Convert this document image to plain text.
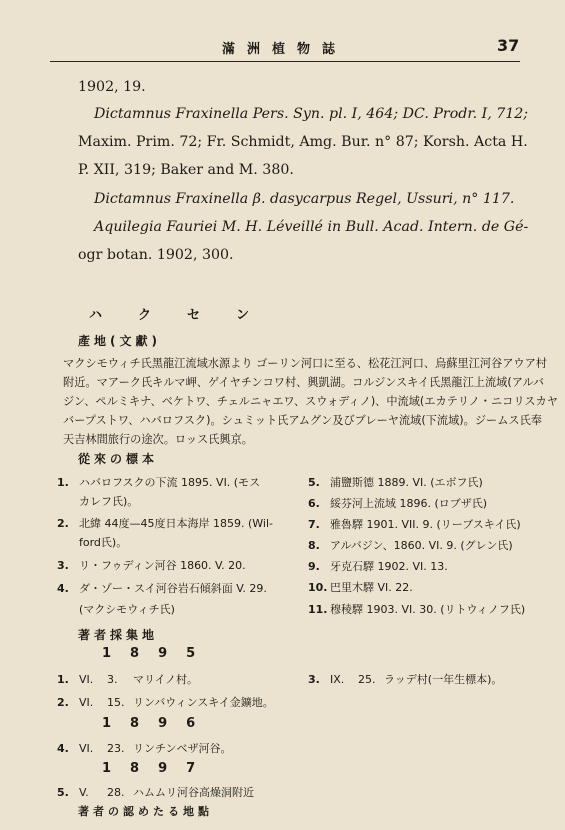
滿洲植物誌	37
1902, 19.
Dictamnus Fraxinella Pers. Syn. pl. I, 464; DC. Prodr. I, 712;
Maxim. Prim. 72; Fr. Schmidt, Amg. Bur. n° 87; Korsh. Acta H.
P. XII, 319; Baker and M. 380.
Dictamnus Fraxinella β. dasycarpus Regel, Ussuri, n° 117.
Aquilegia Fauriei M. H. Léveillé in Bull. Acad. Intern. de Gé-
ogr botan. 1902, 300.
ハクセン
產地(文獻)
マクシモウィチ氏黑龍江流域水源より ゴーリン河口に至る、松花江河口、烏蘇里江河谷アウア村
附近。マアーク氏キルマ岬、ゲイヤチンコワ村、興凱湖。コルジンスキイ氏黑龍江上流域(アルバ
ジン、ペルミキナ、ベケトワ、チェルニャエワ、スウォディノ)、中流域(エカテリノ・ニコリスカヤ
バープストワ、ハバロフスク)。シュミット氏アムグン及びブレーヤ流域(下流域)。ジームス氏奉
天吉林間旅行の途次。ロッス氏興京。
從來の標本
1. ハバロフスクの下流 1895. VI. (モス
カレフ氏)。
2. 北緯 44度—45度日本海岸 1859. (Wil-
ford氏)。
3. リ・フゥディン河谷 1860. V. 20.
4. ダ・ゾー・スイ河谷岩石傾斜面 V. 29.
(マクシモウィチ氏)
5. 浦鹽斯德 1889. VI. (エボフ氏)
6. 綏芬河上流域 1896. (ロブザ氏)
7. 雅魯驛 1901. VII. 9. (リーブスキイ氏)
8. アルバジン、1860. VI. 9. (グレン氏)
9. 牙克石驛 1902. VI. 13.
10. 巴里木驛 VI. 22.
11. 穆稜驛 1903. VI. 30. (リトウィノフ氏)
著者採集地
1895
1. VI. 3. マリイノ村。
2. VI. 15. リンバウィンスキイ金鑛地。
3. IX. 25. ラッデ村(一年生標本)。
1896
4. VI. 23. リンチンベザ河谷。
1897
5. V. 28. ハムムリ河谷高燥洞附近
著者の認めたる地點
